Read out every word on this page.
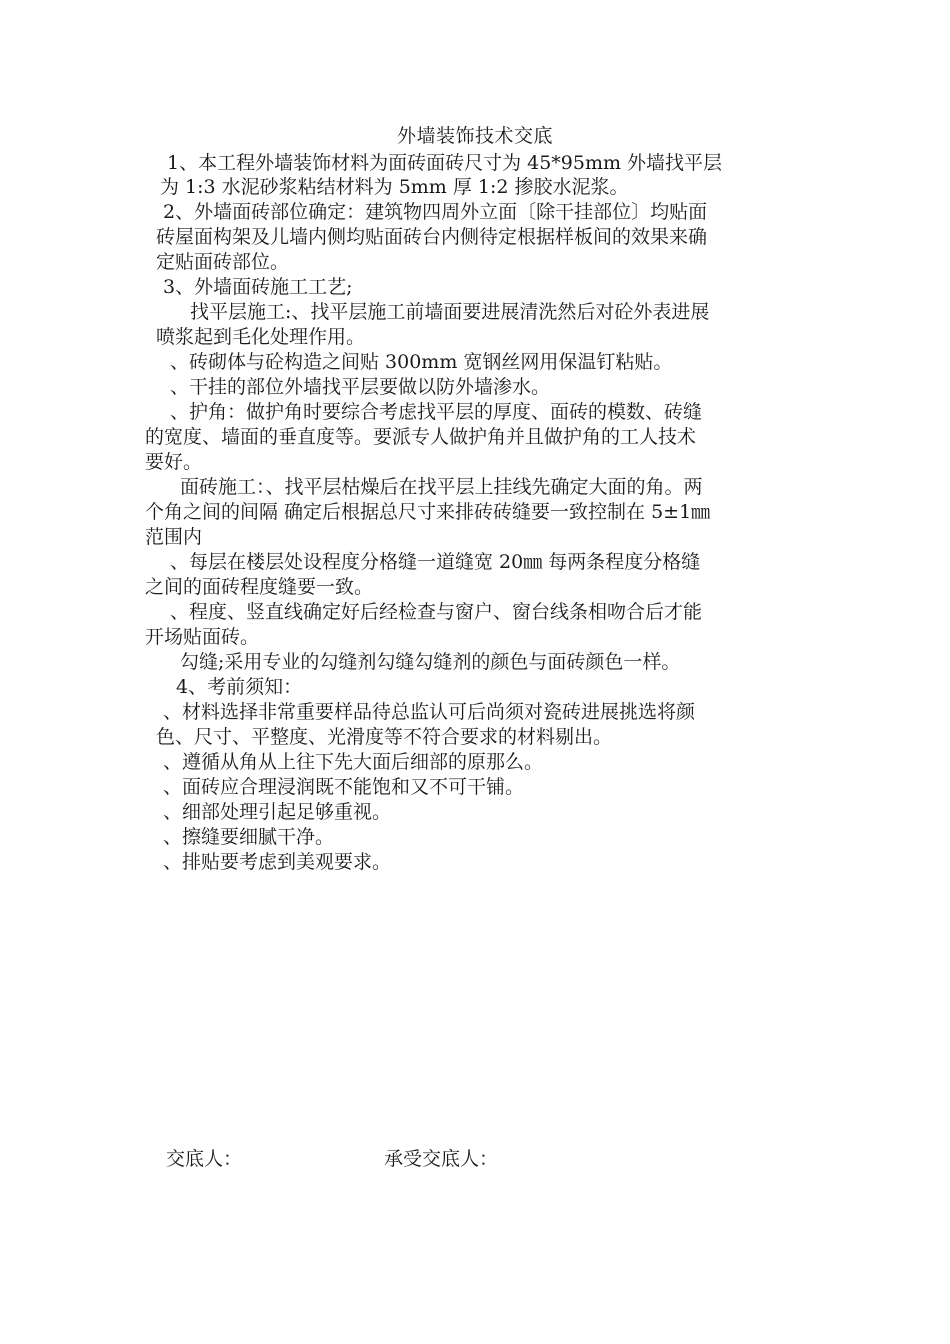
外墙装饰技术交底
1、本工程外墙装饰材料为面砖面砖尺寸为 45*95mm 外墙找平层
为 1:3 水泥砂浆粘结材料为 5mm 厚 1:2 掺胶水泥浆。
2、外墙面砖部位确定：建筑物四周外立面〔除干挂部位〕均贴面
砖屋面构架及儿墙内侧均贴面砖台内侧待定根据样板间的效果来确
定贴面砖部位。
3、外墙面砖施工工艺;
找平层施工:、找平层施工前墙面要进展清洗然后对砼外表进展
喷浆起到毛化处理作用。
、砖砌体与砼构造之间贴 300mm 宽钢丝网用保温钉粘贴。
、干挂的部位外墙找平层要做以防外墙渗水。
、护角：做护角时要综合考虑找平层的厚度、面砖的模数、砖缝
的宽度、墙面的垂直度等。要派专人做护角并且做护角的工人技术
要好。
面砖施工：、找平层枯燥后在找平层上挂线先确定大面的角。两
个角之间的间隔 确定后根据总尺寸来排砖砖缝要一致控制在 5±1㎜
范围内
、每层在楼层处设程度分格缝一道缝宽 20㎜ 每两条程度分格缝
之间的面砖程度缝要一致。
、程度、竖直线确定好后经检查与窗户、窗台线条相吻合后才能
开场贴面砖。
勾缝;采用专业的勾缝剂勾缝勾缝剂的颜色与面砖颜色一样。
4、考前须知：
、材料选择非常重要样品待总监认可后尚须对瓷砖进展挑选将颜
色、尺寸、平整度、光滑度等不符合要求的材料剔出。
、遵循从角从上往下先大面后细部的原那么。
、面砖应合理浸润既不能饱和又不可干铺。
、细部处理引起足够重视。
、擦缝要细腻干净。
、排贴要考虑到美观要求。
交底人：	承受交底人：
